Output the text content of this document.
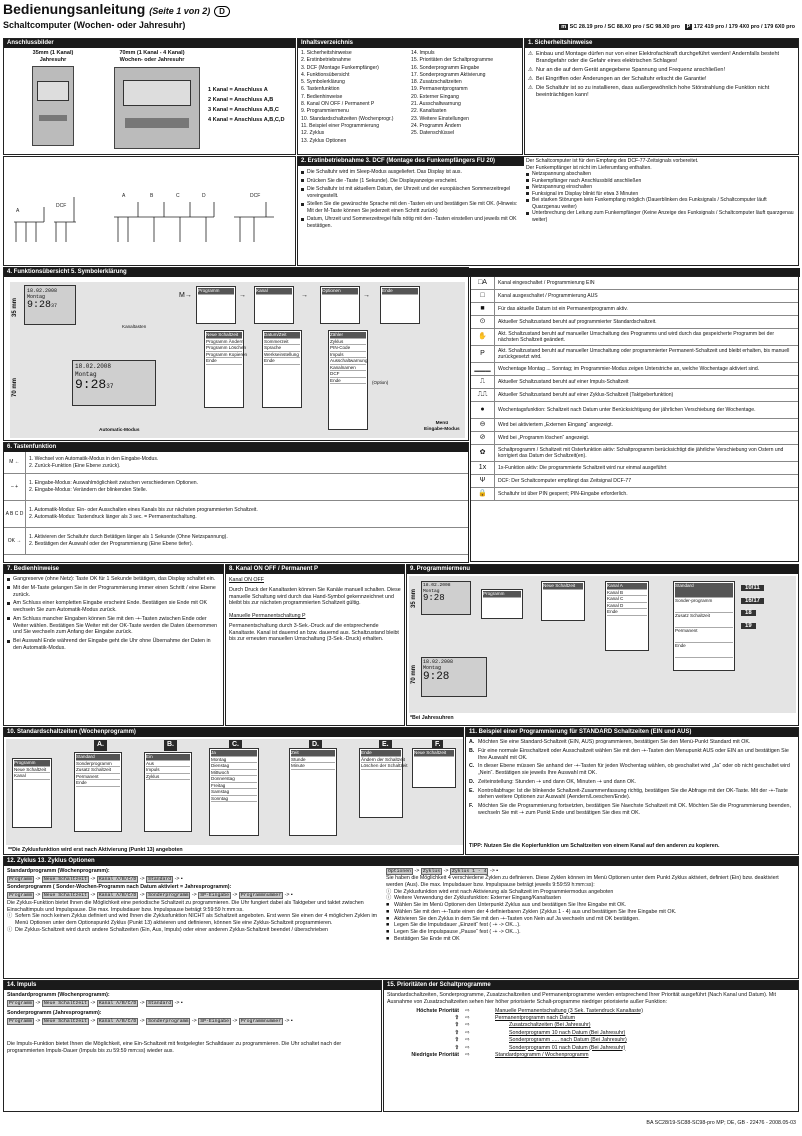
Bedienungsanleitung (Seite 1 von 2) D
Schaltcomputer (Wochen- oder Jahresuhr)	m SC 28.19 pro / SC 88.X0 pro / SC 98.X0 pro P 172 419 pro / 179 4X0 pro / 179 6X0 pro
Anschlussbilder
35mm (1 Kanal)
Jahresuhr
70mm (1 Kanal - 4 Kanal)
Wochen- oder Jahresuhr
1 Kanal = Anschluss A
2 Kanal = Anschluss A,B
3 Kanal = Anschluss A,B,C
4 Kanal = Anschluss A,B,C,D
Inhaltsverzeichnis
1. Sicherheitshinweise
2. Erstinbetriebnahme
3. DCF (Montage Funkempfänger)
4. Funktionsübersicht
5. Symbolerklärung
6. Tastenfunktion
7. Bedienhinweise
8. Kanal ON OFF / Permanent P
9. Programmiermenu
10. Standardschaltzeiten (Wochenprogr.)
11. Beispiel einer Programmierung
12. Zyklus
13. Zyklus Optionen
14. Impuls
15. Prioritäten der Schaltprogramme
16. Sonderprogramm Eingabe
17. Sonderprogramm Aktivierung
18. Zusatzschaltzeiten
19. Permanentprogramm
20. Externer Eingang
21. Ausschaltwarnung
22. Kanaltasten
23. Weitere Einstellungen
24. Programm Ändern
25. Datenschlüssel
1. Sicherheitshinweise
⚠ Einbau und Montage dürfen nur von einer Elektrofachkraft durchgeführt werden! Andernfalls besteht Brandgefahr oder die Gefahr eines elektrischen Schlages!
⚠ Nur an die auf dem Gerät angegebene Spannung und Frequenz anschließen!
⚠ Bei Eingriffen oder Änderungen an der Schaltuhr erlischt die Garantie!
⚠ Die Schaltuhr ist so zu installieren, dass außergewöhnlich hohe Störstrahlung die Funktion nicht beeinträchtigen kann!
A
DCF
A	B	C	D	DCF
2. Erstinbetriebnahme 3. DCF (Montage des Funkempfängers FU 20)
Die Schaltuhr wird im Sleep-Modus ausgeliefert. Das Display ist aus.
Drücken Sie die -Taste (1 Sekunde). Die Displayanzeige erscheint.
Die Schaltuhr ist mit aktuellem Datum, der Uhrzeit und der europäischen Sommerzeitregel voreingestellt.
Stellen Sie die gewünschte Sprache mit den -Tasten ein und bestätigen Sie mit OK. (Hinweis: Mit der M-Taste können Sie jederzeit einen Schritt zurück)
Datum, Uhrzeit und Sommerzeitregel falls nötig mit den -Tasten einstellen und jeweils mit OK bestätigen.
Der Schaltcomputer ist für den Empfang des DCF-77-Zeitsignals vorbereitet.
Der Funkempfänger ist nicht im Lieferumfang enthalten.
Netzspannung abschalten
Funkempfänger nach Anschlussbild anschließen
Netzspannung einschalten
Funksignal im Display blinkt für etwa 3 Minuten
Bei starken Störungen kein Funkempfang möglich (Dauerblinken des Funksignals / Schaltcomputer läuft Quarzgenau weiter)
Unterbrechung der Leitung zum Funkempfänger (Keine Anzeige des Funksignals / Schaltcomputer läuft quarzgenau weiter)
4. Funktionsübersicht 5. Symbolerklärung
35 mm
70 mm
18.02.2008
Montag
9:2837
Kanaltasten
18.02.2008
Montag
9:2837
Automatic-Modus
Menü
Eingabe-Modus
Programm	Kanal	Optionen	Ende
M→	→	→	→
Neue Schaltzeit
Programm Ändern
Programm Löschen
Programm Kopieren
Ende
Datum/Zeit
Sommerzeit
Sprache
Werkseinstellung
Ende
Zähler
Zyklus
PIN-Code
Impuls
Ausschaltwarnung
Kanalnamen
DCF
Ende	(Option)
□A	Kanal eingeschaltet / Programmierung EIN
□	Kanal ausgeschaltet / Programmierung AUS
■	Für das aktuelle Datum ist ein Permanentprogramm aktiv.
⊙	Aktueller Schaltzustand beruht auf programmierter Standardschaltzeit.
✋	Akt. Schaltzustand beruht auf manueller Umschaltung des Programms und wird durch das gespeicherte Programm bei der nächsten Schaltzeit geändert.
P	Akt. Schaltzustand beruht auf manueller Umschaltung oder programmierter Permanent-Schaltzeit und bleibt erhalten, bis manuell zurückgesetzt wird.
▁▁▁	Wochentage Montag ... Sonntag; im Programmier-Modus zeigen Unterstriche an, welche Wochentage aktiviert sind.
⎍	Aktueller Schaltzustand beruht auf einer Impuls-Schaltzeit
⎍⎍	Aktueller Schaltzustand beruht auf einer Zyklus-Schaltzeit (Taktgeberfunktion)
●	Wochentagsfunktion: Schaltzeit nach Datum unter Berücksichtigung der jährlichen Verschiebung der Wochentage.
⊖	Wird bei aktiviertem „Externen Eingang“ angezeigt.
⊘	Wird bei „Programm löschen“ angezeigt.
✿	Schaltprogramm / Schaltzeit mit Osterfunktion aktiv: Schaltprogramm berücksichtigt die jährliche Verschiebung von Ostern und korrigiert das Datum der Schaltzeit(en).
1x	1x-Funktion aktiv: Die programmierte Schaltzeit wird nur einmal ausgeführt
Ψ	DCF: Der Schaltcomputer empfängt das Zeitsignal DCF-77
🔒	Schaltuhr ist über PIN gesperrt; PIN-Eingabe erforderlich.
6. Tastenfunktion
M ←
1. Wechsel von Automatik-Modus in den Eingabe-Modus.
2. Zurück-Funktion (Eine Ebene zurück).
– +
1. Eingabe-Modus: Auswahlmöglichkeit zwischen verschiedenen Optionen.
2. Eingabe-Modus: Verändern der blinkenden Stelle.
A B C D
1. Automatik-Modus: Ein- oder Ausschalten eines Kanals bis zur nächsten programmierten Schaltzeit.
2. Automatik-Modus: Tastendruck länger als 3 sec. = Permanentschaltung.
OK →
1. Aktivieren der Schaltuhr durch Betätigen länger als 1 Sekunde (Ohne Netzspannung).
2. Bestätigen der Auswahl oder der Programmierung (Eine Ebene tiefer).
7. Bedienhinweise
Gangreserve (ohne Netz): Taste OK für 1 Sekunde betätigen, das Display schaltet ein.
Mit der M-Taste gelangen Sie in der Programmierung immer einen Schritt / eine Ebene zurück.
Am Schluss einer kompletten Eingabe erscheint Ende. Bestätigen sie Ende mit OK wechseln Sie zum Automatik-Modus zurück.
Am Schluss mancher Eingaben können Sie mit den -+-Tasten zwischen Ende oder Weiter wählen. Bestätigen Sie Weiter mit der OK-Taste werden die Daten übernommen und Sie wechseln zum Anfang der Eingabe zurück.
Bei Auswahl Ende während der Eingabe geht die Uhr ohne Übernahme der Daten in den Automatik-Modus.
8. Kanal ON OFF / Permanent P
Kanal ON OFF

Durch Druck der Kanaltasten können Sie Kanäle manuell schalten. Diese manuelle Schaltung wird durch das Hand-Symbol gekennzeichnet und bleibt bis zur nächsten programmierten Schaltzeit gültig.

Manuelle Permanentschaltung P

Permanentschaltung durch 3-Sek.-Druck auf die entsprechende Kanaltaste. Kanal ist dauernd an bzw. dauernd aus. Schaltzustand bleibt bis zur erneuten manuellen Umschaltung (3-Sek.-Druck) erhalten.

9. Programmiermenu
35 mm
70 mm
18.02.2008
Montag
9:28
18.02.2008
Montag
9:28
Programm
Neue Schaltzeit	Kanal A
Kanal B
Kanal C
Kanal D
Ende
Standard
Sonder-programm
Zusatz Schaltzeit
Permanent
Ende
10/11
16/17
18
19
*Bei Jahresuhren
10. Standardschaltzeiten (Wochenprogramm)
Programm
Neue Schaltzeit
Kanal
A.	B.	C.	D.	E.	F.
Standard
Sonderprogramm
Zusatz Schaltzeit
Permanent
Ende
Ein
Aus
Impuls
Zyklus
Ja
Montag
Dienstag
Mittwoch
Donnerstag
Freitag
Samstag
Sonntag
Zeit
Stunde
Minute
Ende
Ändern der Schaltzeit
Löschen der Schaltzeit
Neue Schaltzeit
**Die Zyklusfunktion wird erst nach Aktivierung (Punkt 13) angeboten
11. Beispiel einer Programmierung für STANDARD Schaltzeiten (EIN und AUS)
A. Möchten Sie eine Standard-Schaltzeit (EIN, AUS) programmieren, bestätigen Sie den Menü-Punkt Standard mit OK.
B. Für eine normale Einschaltzeit oder Ausschaltzeit wählen Sie mit den -+-Tasten den Menupunkt AUS oder EIN an und bestätigen Sie Ihre Auswahl mit OK.
C. In dieser Ebene müssen Sie anhand der -+-Tasten für jeden Wochentag wählen, ob geschaltet wird „Ja“ oder ob nicht geschaltet wird „Nein“. Bestätigen sie jeweils Ihre Auswahl mit OK.
D. Zeiteinstellung: Stunden -+ und dann OK, Minuten -+ und dann OK.
E. Kontrollabfrage: Ist die blinkende Schaltzeit-Zusammenfassung richtig, bestätigen Sie die Abfrage mit der OK-Taste. Mit der -+-Taste stehen weitere Optionen zur Auswahl (Aendern/Loeschen/Ende).
F. Möchten Sie die Programmierung fortsetzten, bestätigen Sie Naechste Schaltzeit mit OK. Möchten Sie die Programmierung beenden, wechseln Sie mit -+ zum Punkt Ende und bestätigen Sie dies mit OK.
TIPP: Nutzen Sie die Kopierfunktion um Schaltzeiten von einem Kanal auf den anderen zu kopieren.
12. Zyklus 13. Zyklus Optionen
Standardprogramm (Wochenprogramm):
Programm -> Neue Schaltzeit -> Kanal A/B/C/D -> Standard -> ▪
Sonderprogramm ( Sonder-Wochen-Programm nach Datum aktiviert = Jahresprogramm):
Programm -> Neue Schaltzeit -> Kanal A/B/C/D -> Sonderprogramm -> SP-Eingabe -> Programmnummer -> ▪

Die Zyklus-Funktion bietet Ihnen die Möglichkeit eine periodische Schaltzeit zu programmieren. Die Uhr fungiert dabei als Taktgeber und taktet zwischen Einschaltimpuls und Impulspause. Die max. Impulsdauer bzw. Impulspause beträgt 9:59:59 h:mm:ss.

ⓘ Sofern Sie noch keinen Zyklus definiert und wird Ihnen die Zyklusfunktion NICHT als Schaltzeit angeboten. Erst wenn Sie einen der 4 möglichen Zyklen im Menü Optionen unter dem Optionspunkt Zyklus (Punkt 13) aktivieren und definieren, können Sie eine Zyklus-Schaltzeit programmieren.
ⓘ Die Zyklus-Schaltzeit wird durch andere Schaltzeiten (Ein, Aus, Impuls) oder einer anderen Zyklus-Schaltzeit beendet / überschrieben
Optionen -> Zyklus -> Zyklus 1 - 4 -> ▪

Sie haben die Möglichkeit 4 verschiedene Zyklen zu definieren. Diese Zyklen können im Menü Optionen unter dem Punkt Zyklus aktiviert, definiert (Ein) bzw. deaktiviert werden (Aus). Die max. Impulsdauer bzw. Impulspause beträgt jeweils 9:59:59 h:mm:ss):

ⓘ Die Zyklusfunktion wird erst nach Aktivierung als Schaltzeit im Programmiermodus angeboten
ⓘ Weitere Verwendung der Zyklusfunktion: Externer Eingang/Kanaltasten
■ Wählen Sie im Menü Optionen den Unterpunkt Zyklus aus und bestätigen Sie Ihre Eingabe mit OK.
■ Wählen Sie mit den -+-Taste einen der 4 definierbaren Zyklen (Zyklus 1 - 4) aus und bestätigen Sie Ihre Eingabe mit OK.
■ Aktivieren Sie den Zyklus in dem Sie mit den -+-Tasten von Nein auf Ja wechseln und mit OK bestätigen.
■ Legen Sie die Impulsdauer „Einzeit“ fest ( -+ -> OK...).
■ Legen Sie die Impulspause „Pause“ fest ( -+ -> OK...).
■ Bestätigen Sie Ende mit OK
14. Impuls
Standardprogramm (Wochenprogramm):
Programm -> Neue Schaltzeit -> Kanal A/B/C/D -> Standard -> ▪
Sonderprogramm (Jahresprogramm):
Programm -> Neue Schaltzeit -> Kanal A/B/C/D -> Sonderprogramm -> SP-Eingabe -> Programmnummer -> ▪

Die Impuls-Funktion bietet Ihnen die Möglichkeit, eine Ein-Schaltzeit mit festgelegter Schaltdauer zu programmieren. Die Uhr schaltet nach der programmierten Impuls-Dauer (Impuls bis zu 59:59 mm:ss) wieder aus.

15. Prioritäten der Schaltprogramme

Standardschaltzeiten, Sonderprogramme, Zusatzschaltzeiten und Permanentprogramme werden entsprechend Ihrer Priorität ausgeführt (Nach Kanal und Datum). Mit Ausnahme von Zusatzschaltzeiten sehen hier höher priorisierte Schalt-programme niedriger priorisierte außer Funktion:

Höchste Priorität	⇨	Manuelle Permanentschaltung (3 Sek. Tastendruck Kanaltaste)
⇧	⇨	Permanentprogramm nach Datum
⇧	⇨	Zusatzschaltzeiten (Bei Jahresuhr)
⇧	⇨	Sonderprogramm 10 nach Datum (Bei Jahresuhr)
⇧	⇨	Sonderprogramm ..... nach Datum (Bei Jahresuhr)
⇧	⇨	Sonderprogramm 01 nach Datum (Bei Jahresuhr)
Niedrigste Priorität	⇨	Standardprogramm / Wochenprogramm
BA SC28/19-SC88-SC98-pro MP; DE, GB - 22476 - 2008.05-03
